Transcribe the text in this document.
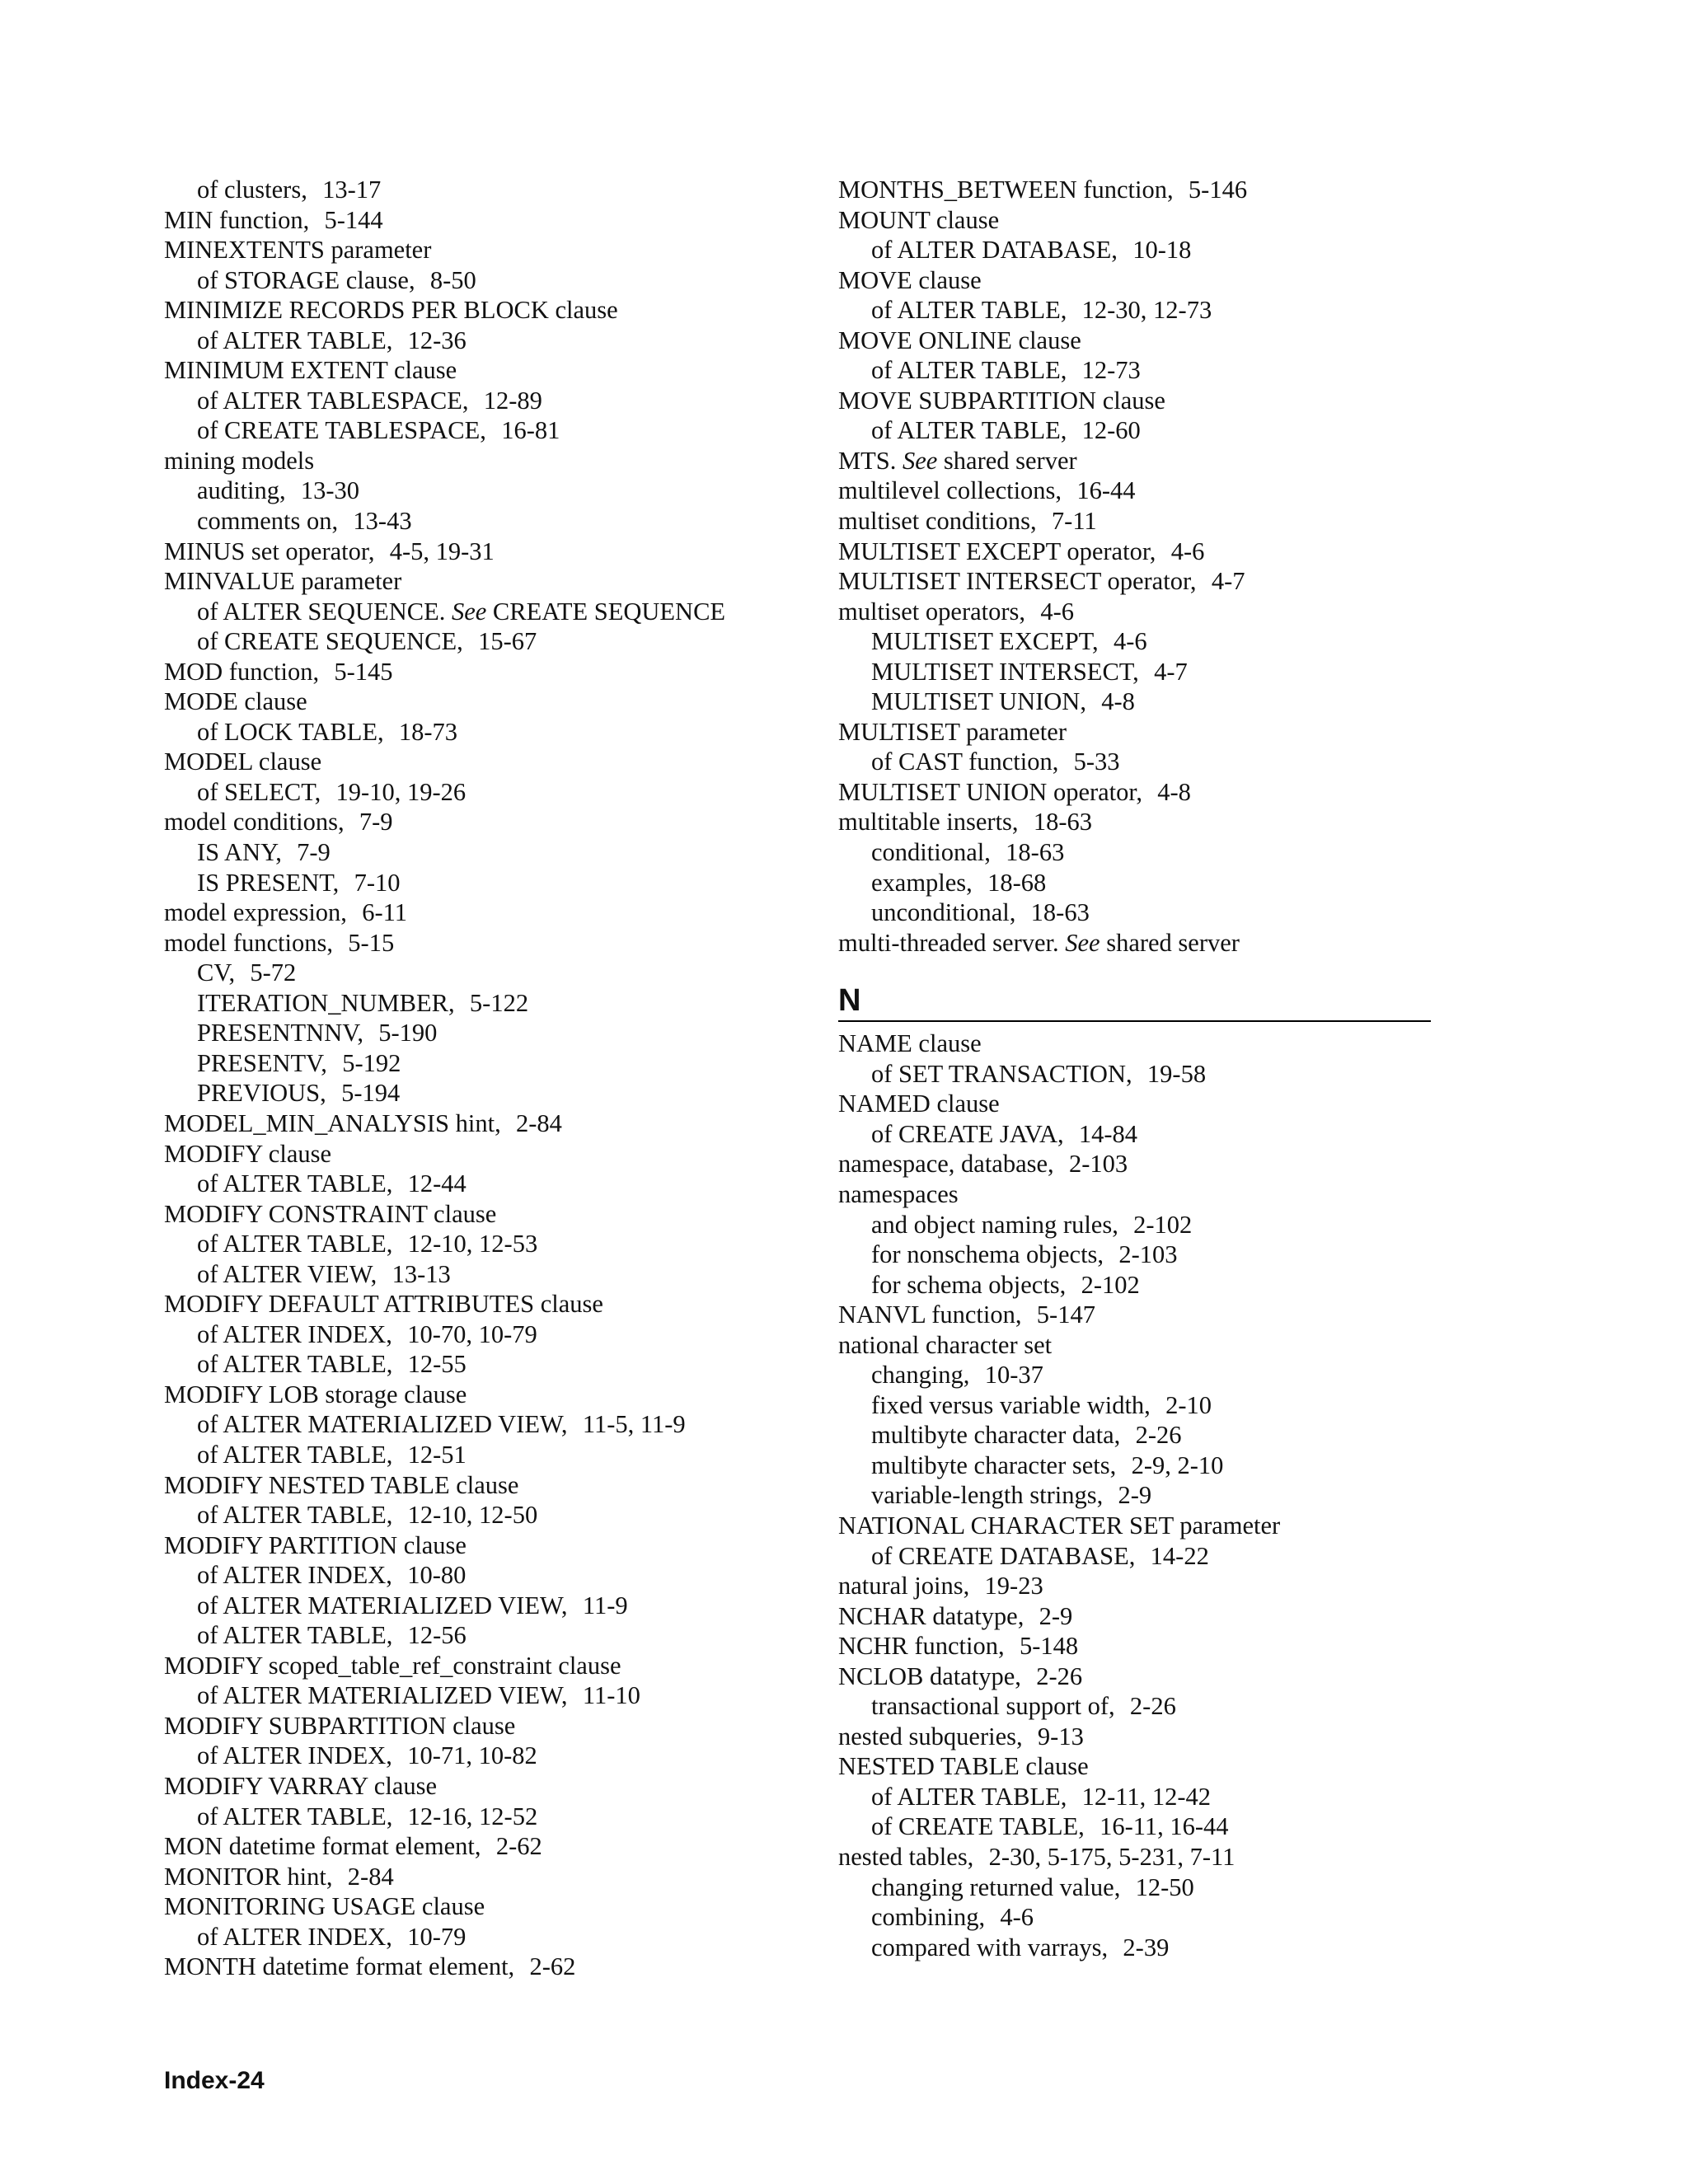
of clusters, 13-17
MIN function, 5-144
MINEXTENTS parameter
of STORAGE clause, 8-50
MINIMIZE RECORDS PER BLOCK clause
of ALTER TABLE, 12-36
MINIMUM EXTENT clause
of ALTER TABLESPACE, 12-89
of CREATE TABLESPACE, 16-81
mining models
auditing, 13-30
comments on, 13-43
MINUS set operator, 4-5, 19-31
MINVALUE parameter
of ALTER SEQUENCE. See CREATE SEQUENCE
of CREATE SEQUENCE, 15-67
MOD function, 5-145
MODE clause
of LOCK TABLE, 18-73
MODEL clause
of SELECT, 19-10, 19-26
model conditions, 7-9
IS ANY, 7-9
IS PRESENT, 7-10
model expression, 6-11
model functions, 5-15
CV, 5-72
ITERATION_NUMBER, 5-122
PRESENTNNV, 5-190
PRESENTV, 5-192
PREVIOUS, 5-194
MODEL_MIN_ANALYSIS hint, 2-84
MODIFY clause
of ALTER TABLE, 12-44
MODIFY CONSTRAINT clause
of ALTER TABLE, 12-10, 12-53
of ALTER VIEW, 13-13
MODIFY DEFAULT ATTRIBUTES clause
of ALTER INDEX, 10-70, 10-79
of ALTER TABLE, 12-55
MODIFY LOB storage clause
of ALTER MATERIALIZED VIEW, 11-5, 11-9
of ALTER TABLE, 12-51
MODIFY NESTED TABLE clause
of ALTER TABLE, 12-10, 12-50
MODIFY PARTITION clause
of ALTER INDEX, 10-80
of ALTER MATERIALIZED VIEW, 11-9
of ALTER TABLE, 12-56
MODIFY scoped_table_ref_constraint clause
of ALTER MATERIALIZED VIEW, 11-10
MODIFY SUBPARTITION clause
of ALTER INDEX, 10-71, 10-82
MODIFY VARRAY clause
of ALTER TABLE, 12-16, 12-52
MON datetime format element, 2-62
MONITOR hint, 2-84
MONITORING USAGE clause
of ALTER INDEX, 10-79
MONTH datetime format element, 2-62
MONTHS_BETWEEN function, 5-146
MOUNT clause
of ALTER DATABASE, 10-18
MOVE clause
of ALTER TABLE, 12-30, 12-73
MOVE ONLINE clause
of ALTER TABLE, 12-73
MOVE SUBPARTITION clause
of ALTER TABLE, 12-60
MTS. See shared server
multilevel collections, 16-44
multiset conditions, 7-11
MULTISET EXCEPT operator, 4-6
MULTISET INTERSECT operator, 4-7
multiset operators, 4-6
MULTISET EXCEPT, 4-6
MULTISET INTERSECT, 4-7
MULTISET UNION, 4-8
MULTISET parameter
of CAST function, 5-33
MULTISET UNION operator, 4-8
multitable inserts, 18-63
conditional, 18-63
examples, 18-68
unconditional, 18-63
multi-threaded server. See shared server
N
NAME clause
of SET TRANSACTION, 19-58
NAMED clause
of CREATE JAVA, 14-84
namespace, database, 2-103
namespaces
and object naming rules, 2-102
for nonschema objects, 2-103
for schema objects, 2-102
NANVL function, 5-147
national character set
changing, 10-37
fixed versus variable width, 2-10
multibyte character data, 2-26
multibyte character sets, 2-9, 2-10
variable-length strings, 2-9
NATIONAL CHARACTER SET parameter
of CREATE DATABASE, 14-22
natural joins, 19-23
NCHAR datatype, 2-9
NCHR function, 5-148
NCLOB datatype, 2-26
transactional support of, 2-26
nested subqueries, 9-13
NESTED TABLE clause
of ALTER TABLE, 12-11, 12-42
of CREATE TABLE, 16-11, 16-44
nested tables, 2-30, 5-175, 5-231, 7-11
changing returned value, 12-50
combining, 4-6
compared with varrays, 2-39
Index-24
